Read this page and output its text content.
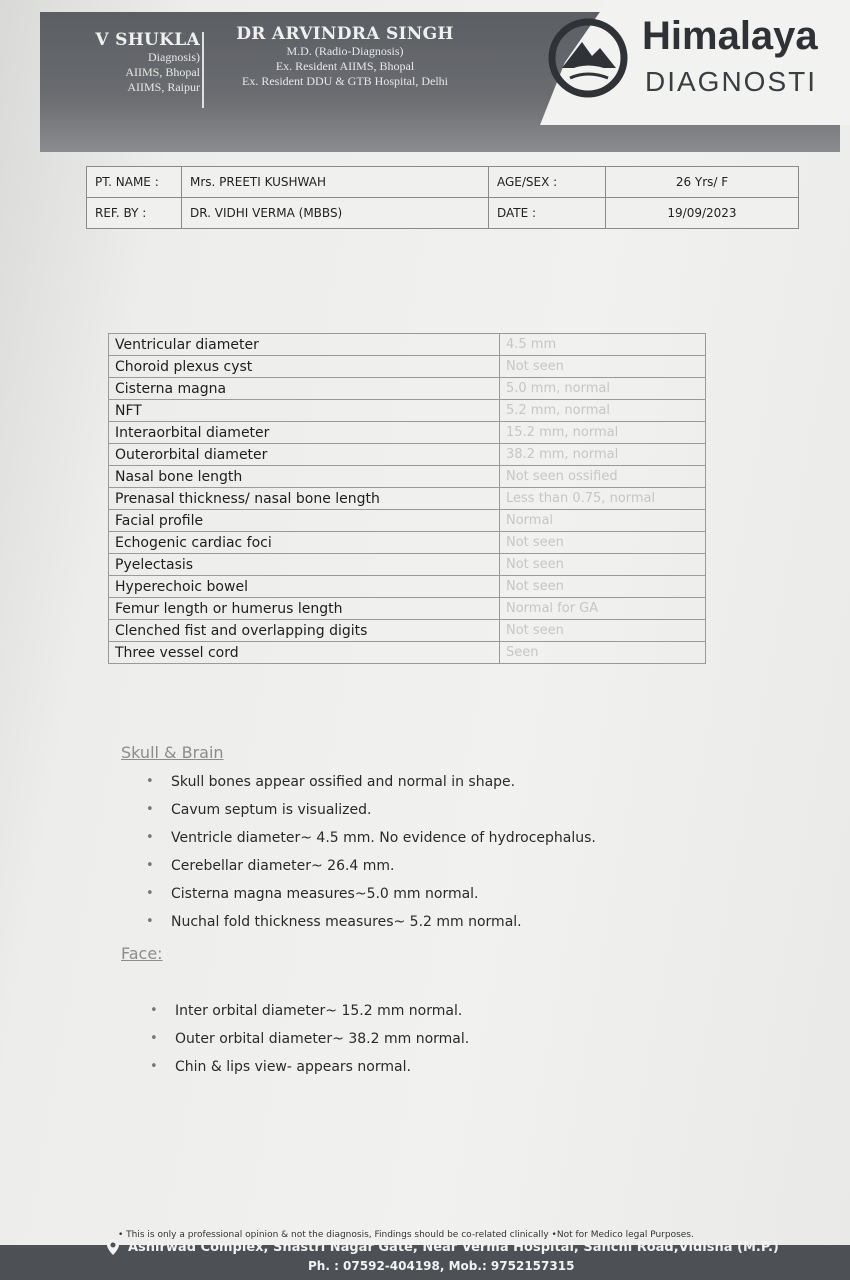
V SHUKLA
Diagnosis)
AIIMS, Bhopal
AIIMS, Raipur
DR ARVINDRA SINGH
M.D. (Radio-Diagnosis)
Ex. Resident AIIMS, Bhopal
Ex. Resident DDU & GTB Hospital, Delhi
Himalaya
DIAGNOSTI
PT. NAME :	Mrs. PREETI KUSHWAH	AGE/SEX :	26 Yrs/ F
REF. BY :	DR. VIDHI VERMA (MBBS)	DATE :	19/09/2023
Ventricular diameter	4.5 mm
Choroid plexus cyst	Not seen
Cisterna magna	5.0 mm, normal
NFT	5.2 mm, normal
Interaorbital diameter	15.2 mm, normal
Outerorbital diameter	38.2 mm, normal
Nasal bone length	Not seen ossified
Prenasal thickness/ nasal bone length	Less than 0.75, normal
Facial profile	Normal
Echogenic cardiac foci	Not seen
Pyelectasis	Not seen
Hyperechoic bowel	Not seen
Femur length or humerus length	Normal for GA
Clenched fist and overlapping digits	Not seen
Three vessel cord	Seen
Skull & Brain
• Skull bones appear ossified and normal in shape.
• Cavum septum is visualized.
• Ventricle diameter~ 4.5 mm. No evidence of hydrocephalus.
• Cerebellar diameter~ 26.4 mm.
• Cisterna magna measures~5.0 mm normal.
• Nuchal fold thickness measures~ 5.2 mm normal.
Face:
• Inter orbital diameter~ 15.2 mm normal.
• Outer orbital diameter~ 38.2 mm normal.
• Chin & lips view- appears normal.
• This is only a professional opinion & not the diagnosis, Findings should be co-related clinically •Not for Medico legal Purposes.
Ashirwad Complex, Shastri Nagar Gate, Near Verma Hospital, Sanchi Road,Vidisha (M.P.)
Ph. : 07592-404198, Mob.: 9752157315
